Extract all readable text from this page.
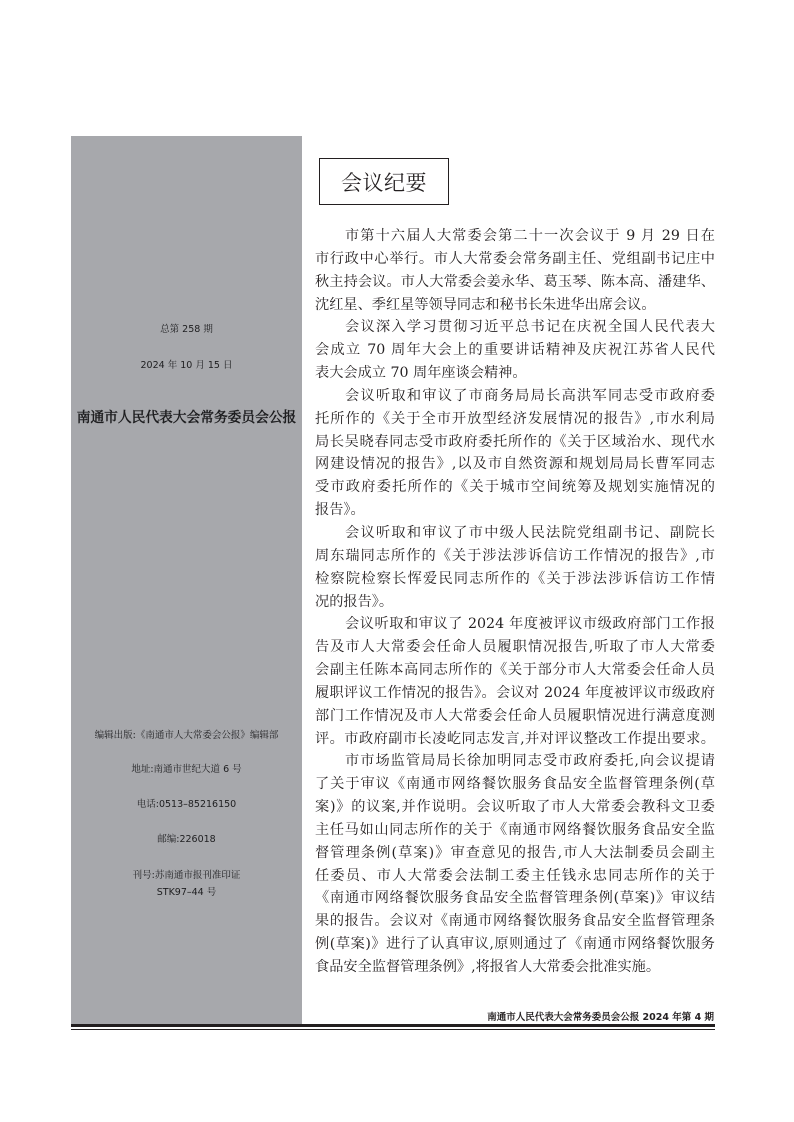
南通市人民代表大会常务委员会公报
总第 258 期
2024 年 10 月 15 日
编辑出版:《南通市人大常委会公报》编辑部
地址:南通市世纪大道 6 号
电话:0513–85216150
邮编:226018
刊号:苏南通市报刊准印证
STK97–44 号
会议纪要
市第十六届人大常委会第二十一次会议于 9 月 29 日在
市行政中心举行。市人大常委会常务副主任、党组副书记庄中
秋主持会议。市人大常委会姜永华、葛玉琴、陈本高、潘建华、
沈红星、季红星等领导同志和秘书长朱进华出席会议。
会议深入学习贯彻习近平总书记在庆祝全国人民代表大
会成立 70 周年大会上的重要讲话精神及庆祝江苏省人民代
表大会成立 70 周年座谈会精神。
会议听取和审议了市商务局局长高洪军同志受市政府委
托所作的《关于全市开放型经济发展情况的报告》,市水利局
局长吴晓春同志受市政府委托所作的《关于区域治水、现代水
网建设情况的报告》,以及市自然资源和规划局局长曹军同志
受市政府委托所作的《关于城市空间统筹及规划实施情况的
报告》。
会议听取和审议了市中级人民法院党组副书记、副院长
周东瑞同志所作的《关于涉法涉诉信访工作情况的报告》,市
检察院检察长恽爱民同志所作的《关于涉法涉诉信访工作情
况的报告》。
会议听取和审议了 2024 年度被评议市级政府部门工作报
告及市人大常委会任命人员履职情况报告,听取了市人大常委
会副主任陈本高同志所作的《关于部分市人大常委会任命人员
履职评议工作情况的报告》。会议对 2024 年度被评议市级政府
部门工作情况及市人大常委会任命人员履职情况进行满意度测
评。市政府副市长凌屹同志发言,并对评议整改工作提出要求。
市市场监管局局长徐加明同志受市政府委托,向会议提请
了关于审议《南通市网络餐饮服务食品安全监督管理条例(草
案)》的议案,并作说明。会议听取了市人大常委会教科文卫委
主任马如山同志所作的关于《南通市网络餐饮服务食品安全监
督管理条例(草案)》审查意见的报告,市人大法制委员会副主
任委员、市人大常委会法制工委主任钱永忠同志所作的关于
《南通市网络餐饮服务食品安全监督管理条例(草案)》审议结
果的报告。会议对《南通市网络餐饮服务食品安全监督管理条
例(草案)》进行了认真审议,原则通过了《南通市网络餐饮服务
食品安全监督管理条例》,将报省人大常委会批准实施。
南通市人民代表大会常务委员会公报 2024 年第 4 期
